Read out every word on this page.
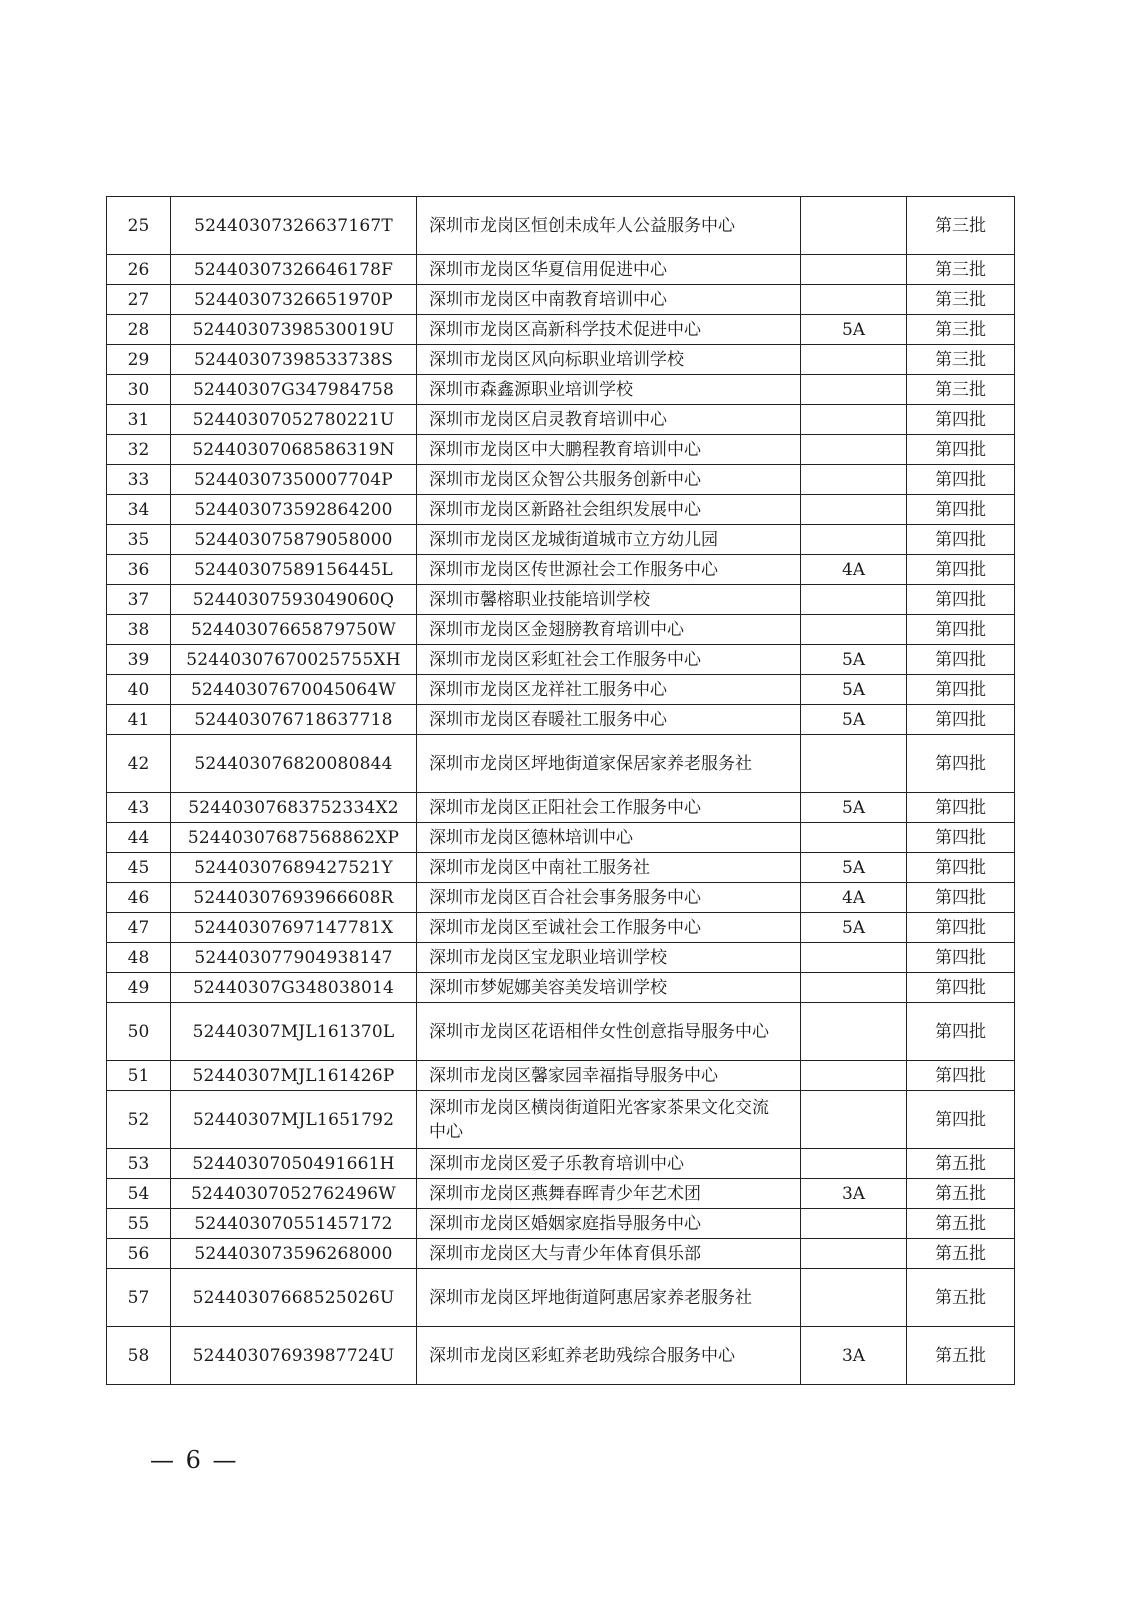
25	52440307326637167T	深圳市龙岗区恒创未成年人公益服务中心		第三批
26	52440307326646178F	深圳市龙岗区华夏信用促进中心		第三批
27	52440307326651970P	深圳市龙岗区中南教育培训中心		第三批
28	52440307398530019U	深圳市龙岗区高新科学技术促进中心	5A	第三批
29	52440307398533738S	深圳市龙岗区风向标职业培训学校		第三批
30	52440307G347984758	深圳市森鑫源职业培训学校		第三批
31	52440307052780221U	深圳市龙岗区启灵教育培训中心		第四批
32	52440307068586319N	深圳市龙岗区中大鹏程教育培训中心		第四批
33	52440307350007704P	深圳市龙岗区众智公共服务创新中心		第四批
34	524403073592864200	深圳市龙岗区新路社会组织发展中心		第四批
35	524403075879058000	深圳市龙岗区龙城街道城市立方幼儿园		第四批
36	52440307589156445L	深圳市龙岗区传世源社会工作服务中心	4A	第四批
37	52440307593049060Q	深圳市馨榕职业技能培训学校		第四批
38	52440307665879750W	深圳市龙岗区金翅膀教育培训中心		第四批
39	52440307670025755XH	深圳市龙岗区彩虹社会工作服务中心	5A	第四批
40	52440307670045064W	深圳市龙岗区龙祥社工服务中心	5A	第四批
41	524403076718637718	深圳市龙岗区春暖社工服务中心	5A	第四批
42	524403076820080844	深圳市龙岗区坪地街道家保居家养老服务社		第四批
43	52440307683752334X2	深圳市龙岗区正阳社会工作服务中心	5A	第四批
44	52440307687568862XP	深圳市龙岗区德林培训中心		第四批
45	52440307689427521Y	深圳市龙岗区中南社工服务社	5A	第四批
46	52440307693966608R	深圳市龙岗区百合社会事务服务中心	4A	第四批
47	52440307697147781X	深圳市龙岗区至诚社会工作服务中心	5A	第四批
48	524403077904938147	深圳市龙岗区宝龙职业培训学校		第四批
49	52440307G348038014	深圳市梦妮娜美容美发培训学校		第四批
50	52440307MJL161370L	深圳市龙岗区花语相伴女性创意指导服务中心		第四批
51	52440307MJL161426P	深圳市龙岗区馨家园幸福指导服务中心		第四批
52	52440307MJL1651792	深圳市龙岗区横岗街道阳光客家茶果文化交流中心		第四批
53	52440307050491661H	深圳市龙岗区爱子乐教育培训中心		第五批
54	52440307052762496W	深圳市龙岗区燕舞春晖青少年艺术团	3A	第五批
55	524403070551457172	深圳市龙岗区婚姻家庭指导服务中心		第五批
56	524403073596268000	深圳市龙岗区大与青少年体育俱乐部		第五批
57	52440307668525026U	深圳市龙岗区坪地街道阿惠居家养老服务社		第五批
58	52440307693987724U	深圳市龙岗区彩虹养老助残综合服务中心	3A	第五批
— 6 —
